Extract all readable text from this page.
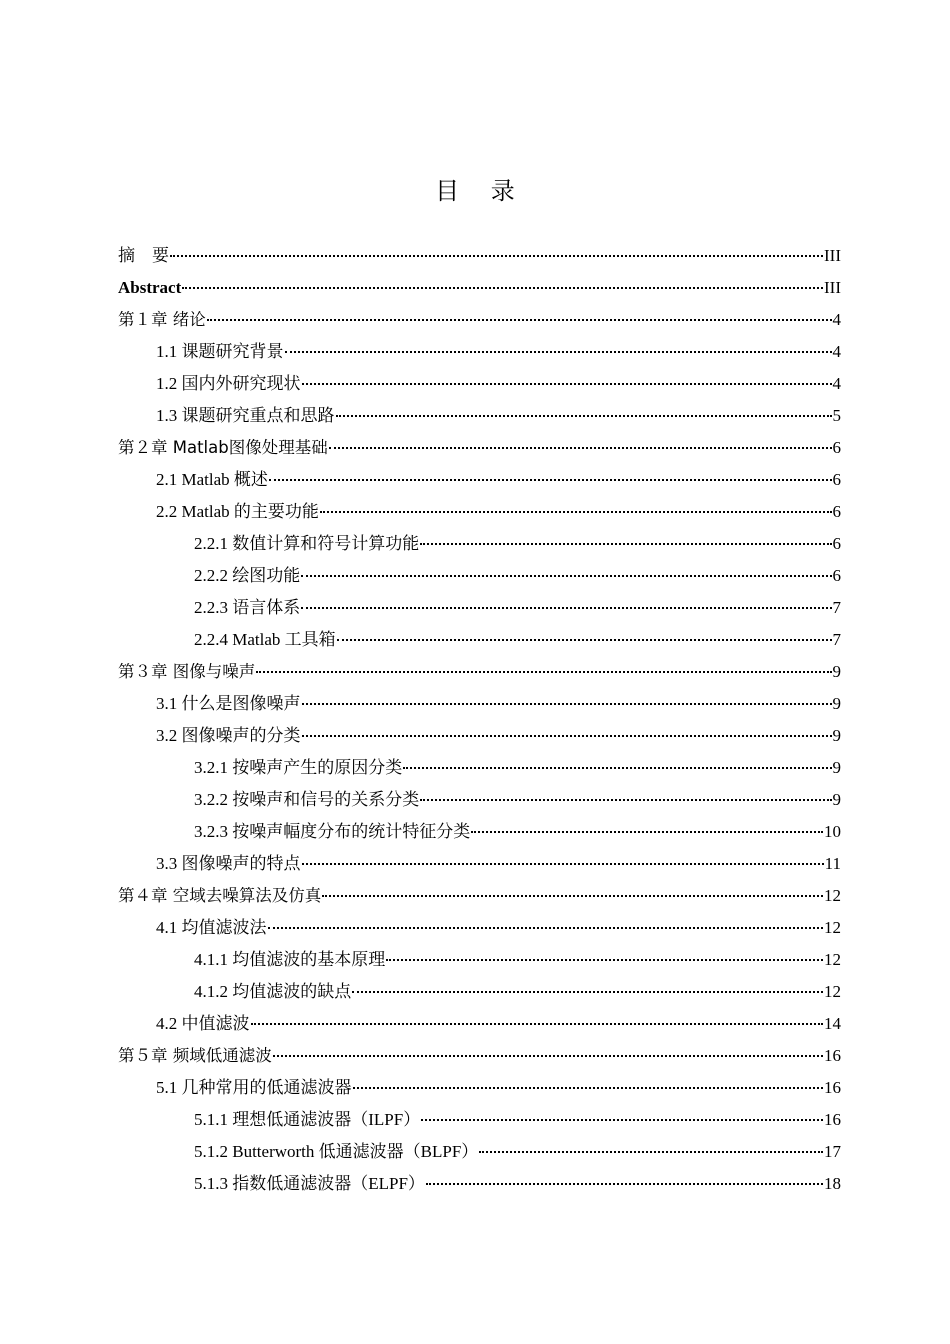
目 录
摘　要	III
Abstract	III
第１章 绪论	4
1.1 课题研究背景	4
1.2 国内外研究现状	4
1.3 课题研究重点和思路	5
第２章 Matlab图像处理基础	6
2.1 Matlab 概述	6
2.2 Matlab 的主要功能	6
2.2.1 数值计算和符号计算功能	6
2.2.2 绘图功能	6
2.2.3 语言体系	7
2.2.4 Matlab 工具箱	7
第３章 图像与噪声	9
3.1 什么是图像噪声	9
3.2 图像噪声的分类	9
3.2.1 按噪声产生的原因分类	9
3.2.2 按噪声和信号的关系分类	9
3.2.3 按噪声幅度分布的统计特征分类	10
3.3 图像噪声的特点	11
第４章 空域去噪算法及仿真	12
4.1 均值滤波法	12
4.1.1 均值滤波的基本原理	12
4.1.2 均值滤波的缺点	12
4.2 中值滤波	14
第５章 频域低通滤波	16
5.1 几种常用的低通滤波器	16
5.1.1 理想低通滤波器（ILPF）	16
5.1.2 Butterworth 低通滤波器（BLPF）	17
5.1.3 指数低通滤波器（ELPF）	18
